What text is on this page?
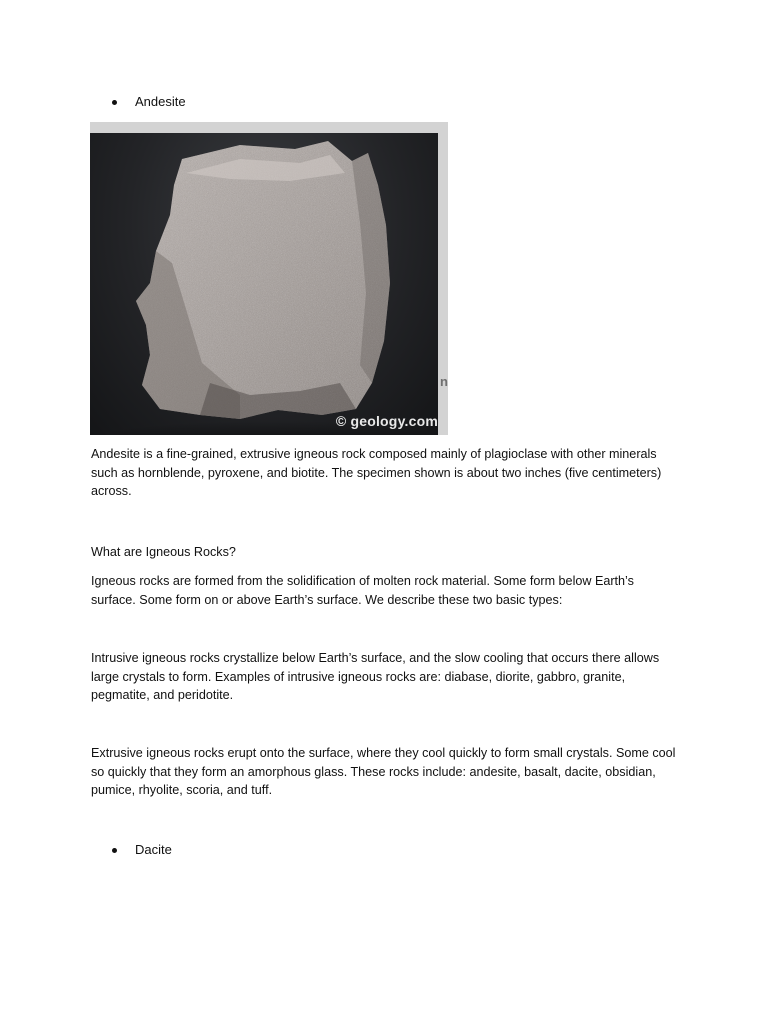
Andesite
n
© geology.com

Andesite is a fine-grained, extrusive igneous rock composed mainly of plagioclase with other minerals such as hornblende, pyroxene, and biotite. The specimen shown is about two inches (five centimeters) across.

What are Igneous Rocks?

Igneous rocks are formed from the solidification of molten rock material. Some form below Earth’s surface. Some form on or above Earth’s surface. We describe these two basic types:

Intrusive igneous rocks crystallize below Earth’s surface, and the slow cooling that occurs there allows large crystals to form. Examples of intrusive igneous rocks are: diabase, diorite, gabbro, granite, pegmatite, and peridotite.

Extrusive igneous rocks erupt onto the surface, where they cool quickly to form small crystals. Some cool so quickly that they form an amorphous glass. These rocks include: andesite, basalt, dacite, obsidian, pumice, rhyolite, scoria, and tuff.

Dacite
